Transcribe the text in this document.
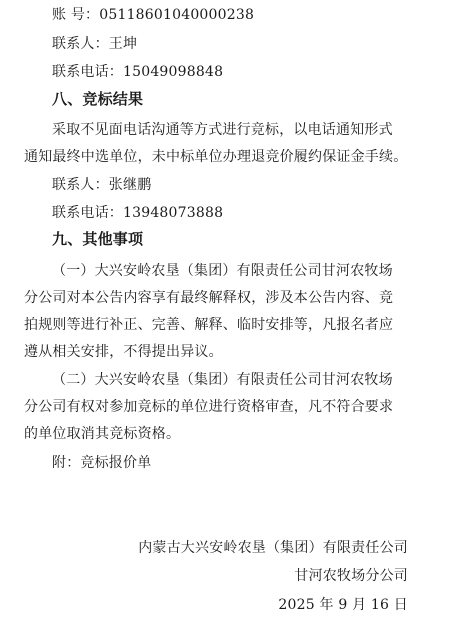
账 号：05118601040000238
联系人：王坤
联系电话：15049098848
八、竞标结果
采取不见面电话沟通等方式进行竞标，以电话通知形式
通知最终中选单位，未中标单位办理退竞价履约保证金手续。
联系人：张继鹏
联系电话：13948073888
九、其他事项
（一）大兴安岭农垦（集团）有限责任公司甘河农牧场
分公司对本公告内容享有最终解释权，涉及本公告内容、竞
拍规则等进行补正、完善、解释、临时安排等，凡报名者应
遵从相关安排，不得提出异议。
（二）大兴安岭农垦（集团）有限责任公司甘河农牧场
分公司有权对参加竞标的单位进行资格审查，凡不符合要求
的单位取消其竞标资格。
附：竞标报价单
内蒙古大兴安岭农垦（集团）有限责任公司
甘河农牧场分公司
2025 年 9 月 16 日
